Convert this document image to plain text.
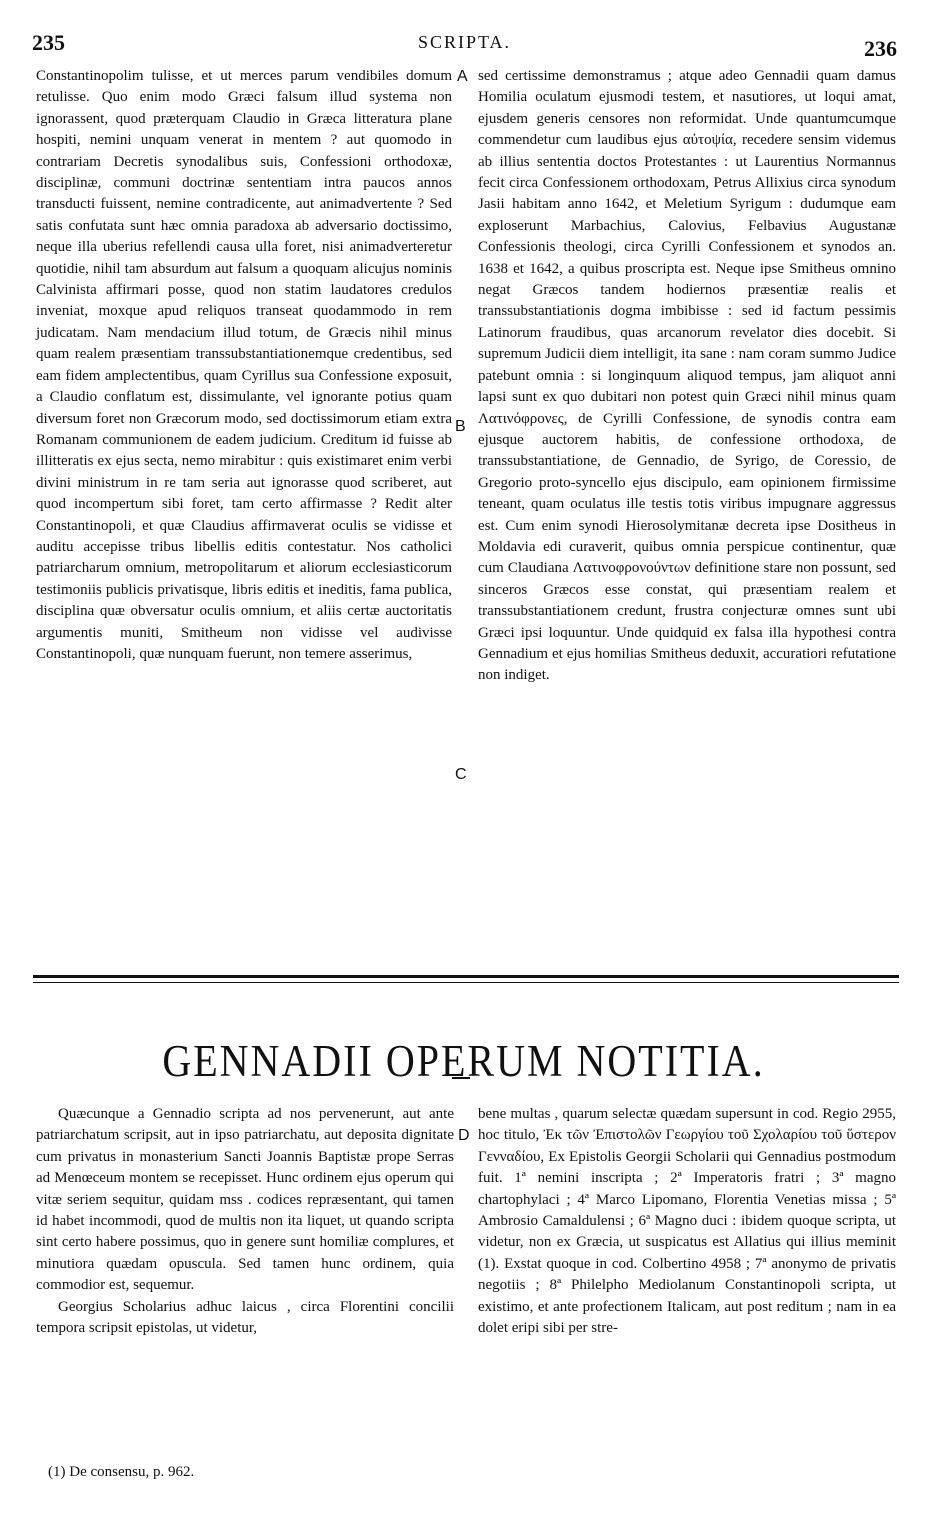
235	SCRIPTA.	236
A
B
C
D

Constantinopolim tulisse, et ut merces parum vendibiles domum retulisse. Quo enim modo Græci falsum illud systema non ignorassent, quod præterquam Claudio in Græca litteratura plane hospiti, nemini unquam venerat in mentem ? aut quomodo in contrariam Decretis synodalibus suis, Confessioni orthodoxæ, disciplinæ, communi doctrinæ sententiam intra paucos annos transducti fuissent, nemine contradicente, aut animadvertente ? Sed satis confutata sunt hæc omnia paradoxa ab adversario doctissimo, neque illa uberius refellendi causa ulla foret, nisi animadverteretur quotidie, nihil tam absurdum aut falsum a quoquam alicujus nominis Calvinista affirmari posse, quod non statim laudatores credulos inveniat, moxque apud reliquos transeat quodammodo in rem judicatam. Nam mendacium illud totum, de Græcis nihil minus quam realem præsentiam transsubstantiationemque credentibus, sed eam fidem amplectentibus, quam Cyrillus sua Confessione exposuit, a Claudio conflatum est, dissimulante, vel ignorante potius quam diversum foret non Græcorum modo, sed doctissimorum etiam extra Romanam communionem de eadem judicium. Creditum id fuisse ab illitteratis ex ejus secta, nemo mirabitur : quis existimaret enim verbi divini ministrum in re tam seria aut ignorasse quod scriberet, aut quod incompertum sibi foret, tam certo affirmasse ? Redit alter Constantinopoli, et quæ Claudius affirmaverat oculis se vidisse et auditu accepisse tribus libellis editis contestatur. Nos catholici patriarcharum omnium, metropolitarum et aliorum ecclesiasticorum testimoniis publicis privatisque, libris editis et ineditis, fama publica, disciplina quæ obversatur oculis omnium, et aliis certæ auctoritatis argumentis muniti, Smitheum non vidisse vel audivisse Constantinopoli, quæ nunquam fuerunt, non temere asserimus,

sed certissime demonstramus ; atque adeo Gennadii quam damus Homilia oculatum ejusmodi testem, et nasutiores, ut loqui amat, ejusdem generis censores non reformidat. Unde quantumcumque commendetur cum laudibus ejus αὐτοψία, recedere sensim videmus ab illius sententia doctos Protestantes : ut Laurentius Normannus fecit circa Confessionem orthodoxam, Petrus Allixius circa synodum Jasii habitam anno 1642, et Meletium Syrigum : dudumque eam exploserunt Marbachius, Calovius, Felbavius Augustanæ Confessionis theologi, circa Cyrilli Confessionem et synodos an. 1638 et 1642, a quibus proscripta est. Neque ipse Smitheus omnino negat Græcos tandem hodiernos præsentiæ realis et transsubstantiationis dogma imbibisse : sed id factum pessimis Latinorum fraudibus, quas arcanorum revelator dies docebit. Si supremum Judicii diem intelligit, ita sane : nam coram summo Judice patebunt omnia : si longinquum aliquod tempus, jam aliquot anni lapsi sunt ex quo dubitari non potest quin Græci nihil minus quam Λατινόφρονες, de Cyrilli Confessione, de synodis contra eam ejusque auctorem habitis, de confessione orthodoxa, de transsubstantiatione, de Gennadio, de Syrigo, de Coressio, de Gregorio proto-syncello ejus discipulo, eam opinionem firmissime teneant, quam oculatus ille testis totis viribus impugnare aggressus est. Cum enim synodi Hierosolymitanæ decreta ipse Dositheus in Moldavia edi curaverit, quibus omnia perspicue continentur, quæ cum Claudiana Λατινοφρονούντων definitione stare non possunt, sed sinceros Græcos esse constat, qui præsentiam realem et transsubstantiationem credunt, frustra conjecturæ omnes sunt ubi Græci ipsi loquuntur. Unde quidquid ex falsa illa hypothesi contra Gennadium et ejus homilias Smitheus deduxit, accuratiori refutatione non indiget.

GENNADII OPERUM NOTITIA.

Quæcunque a Gennadio scripta ad nos pervenerunt, aut ante patriarchatum scripsit, aut in ipso patriarchatu, aut deposita dignitate cum privatus in monasterium Sancti Joannis Baptistæ prope Serras ad Menœceum montem se recepisset. Hunc ordinem ejus operum qui vitæ seriem sequitur, quidam mss . codices repræsentant, qui tamen id habet incommodi, quod de multis non ita liquet, ut quando scripta sint certo habere possimus, quo in genere sunt homiliæ complures, et minutiora quædam opuscula. Sed tamen hunc ordinem, quia commodior est, sequemur.

Georgius Scholarius adhuc laicus , circa Florentini concilii tempora scripsit epistolas, ut videtur,

bene multas , quarum selectæ quædam supersunt in cod. Regio 2955, hoc titulo, Ἐκ τῶν Ἐπιστολῶν Γεωργίου τοῦ Σχολαρίου τοῦ ὕστερον Γενναδίου, Ex Epistolis Georgii Scholarii qui Gennadius postmodum fuit. 1ª nemini inscripta ; 2ª Imperatoris fratri ; 3ª magno chartophylaci ; 4ª Marco Lipomano, Florentia Venetias missa ; 5ª Ambrosio Camaldulensi ; 6ª Magno duci : ibidem quoque scripta, ut videtur, non ex Græcia, ut suspicatus est Allatius qui illius meminit (1). Exstat quoque in cod. Colbertino 4958 ; 7ª anonymo de privatis negotiis ; 8ª Philelpho Mediolanum Constantinopoli scripta, ut existimo, et ante profectionem Italicam, aut post reditum ; nam in ea dolet eripi sibi per stre-

(1) De consensu, p. 962.
